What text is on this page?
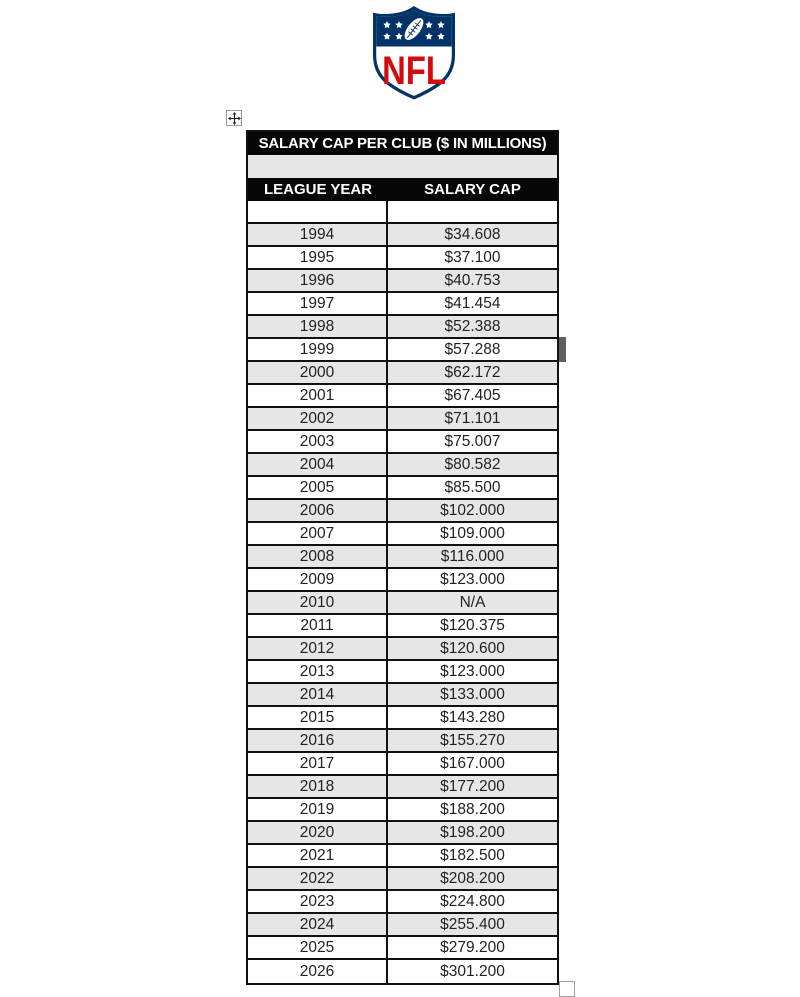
NFL
SALARY CAP PER CLUB ($ IN MILLIONS)
LEAGUE YEAR	SALARY CAP
1994	$34.608
1995	$37.100
1996	$40.753
1997	$41.454
1998	$52.388
1999	$57.288
2000	$62.172
2001	$67.405
2002	$71.101
2003	$75.007
2004	$80.582
2005	$85.500
2006	$102.000
2007	$109.000
2008	$116.000
2009	$123.000
2010	N/A
2011	$120.375
2012	$120.600
2013	$123.000
2014	$133.000
2015	$143.280
2016	$155.270
2017	$167.000
2018	$177.200
2019	$188.200
2020	$198.200
2021	$182.500
2022	$208.200
2023	$224.800
2024	$255.400
2025	$279.200
2026	$301.200
